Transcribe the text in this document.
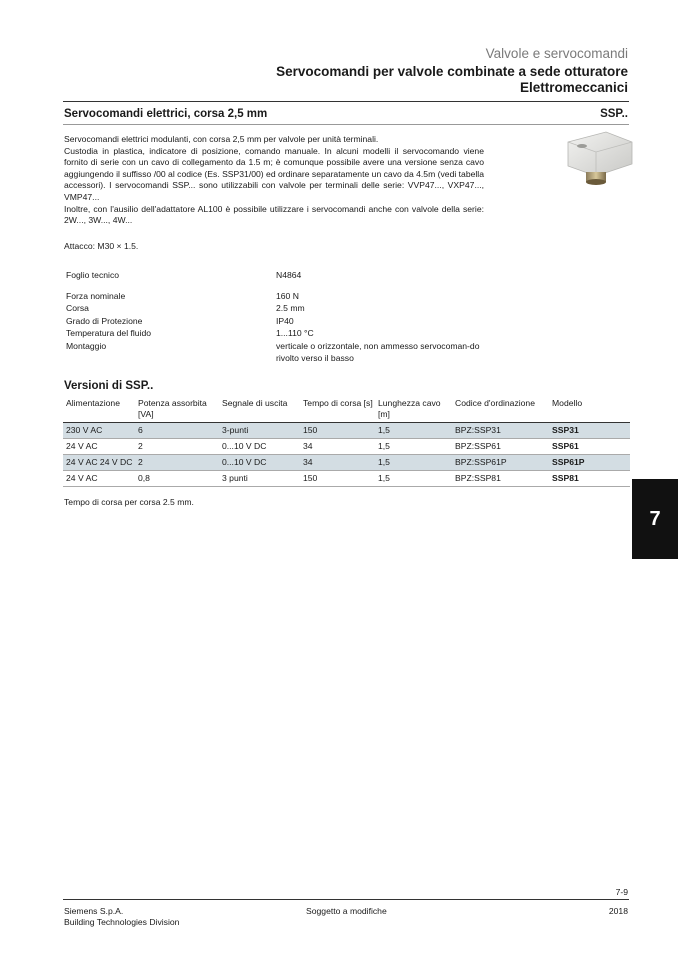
Valvole e servocomandi
Servocomandi per valvole combinate a sede otturatore
Elettromeccanici
Servocomandi elettrici, corsa 2,5 mm	SSP..

Servocomandi elettrici modulanti, con corsa 2,5 mm per valvole per unità terminali.

Custodia in plastica, indicatore di posizione, comando manuale. In alcuni modelli il servocomando viene fornito di serie con un cavo di collegamento da 1.5 m; è comunque possibile avere una versione senza cavo aggiungendo il suffisso /00 al codice (Es. SSP31/00) ed ordinare separatamente un cavo da 4.5m (vedi tabella accessori). I servocomandi SSP... sono utilizzabili con valvole per terminali delle serie: VVP47..., VXP47..., VMP47...

Inoltre, con l'ausilio dell'adattatore AL100 è possibile utilizzare i servocomandi anche con valvole della serie: 2W..., 3W..., 4W...

Attacco: M30 × 1.5.
Foglio tecnico	N4864
Forza nominale	160 N
Corsa	2.5 mm
Grado di Protezione	IP40
Temperatura del fluido	1...110 °C
Montaggio	verticale o orizzontale, non ammesso servocoman-do rivolto verso il basso
Versioni di SSP..
Alimentazione	Potenza assorbita [VA]	Segnale di uscita	Tempo di corsa [s]	Lunghezza cavo [m]	Codice d'ordinazione	Modello
230 V AC	6	3-punti	150	1,5	BPZ:SSP31	SSP31
24 V AC	2	0...10 V DC	34	1,5	BPZ:SSP61	SSP61
24 V AC 24 V DC	2	0...10 V DC	34	1,5	BPZ:SSP61P	SSP61P
24 V AC	0,8	3 punti	150	1,5	BPZ:SSP81	SSP81
Tempo di corsa per corsa 2.5 mm.
7
7-9
Siemens S.p.A.
Building Technologies Division
Soggetto a modifiche	2018
